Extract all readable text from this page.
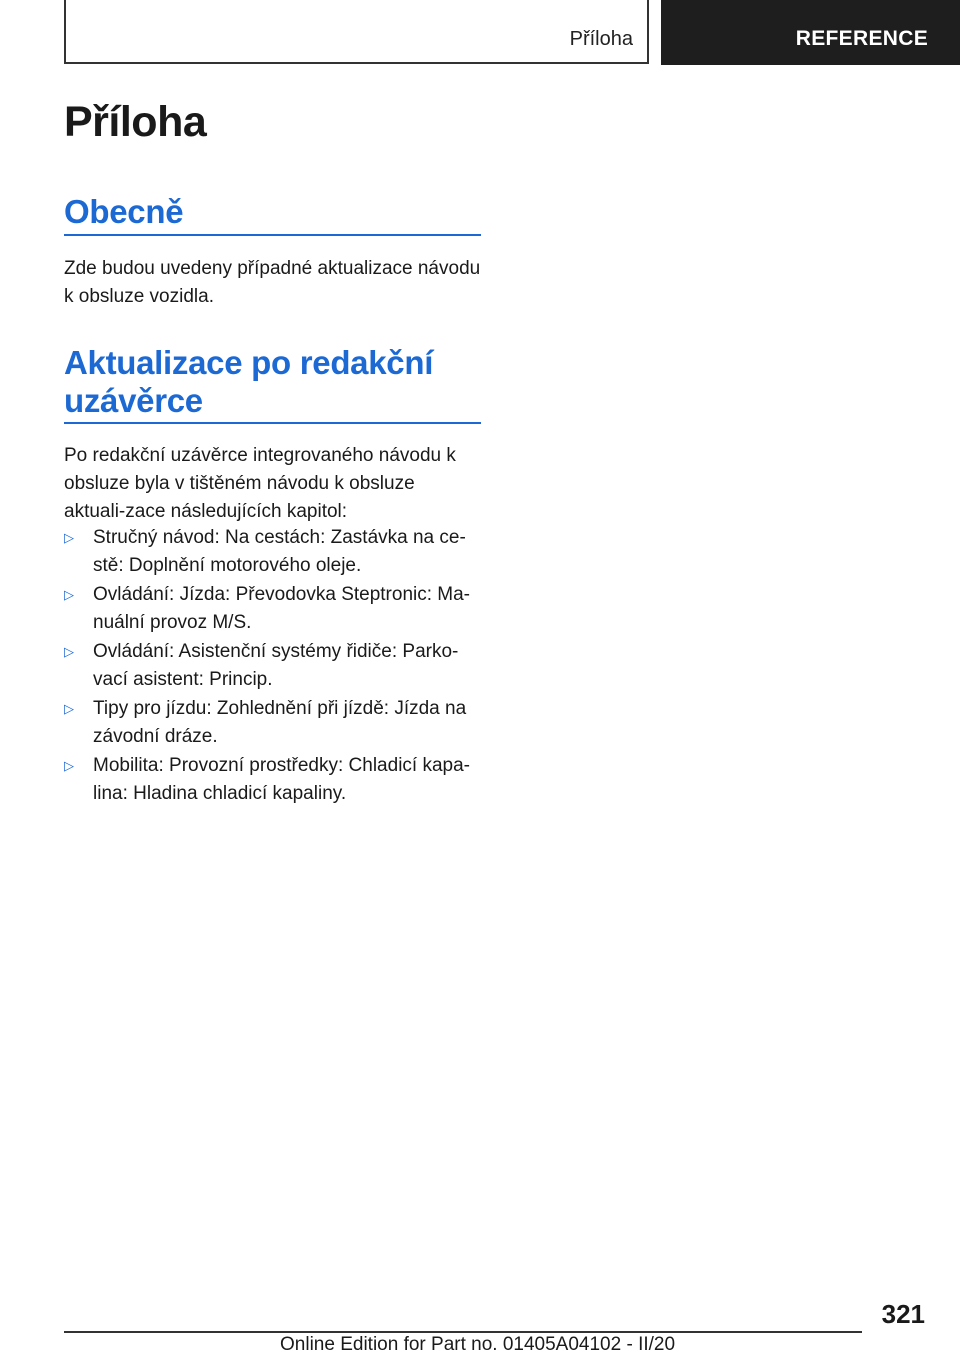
Příloha	REFERENCE
Příloha
Obecně

Zde budou uvedeny případné aktualizace návodu k obsluze vozidla.

Aktualizace po redakční uzávěrce

Po redakční uzávěrce integrovaného návodu k obsluze byla v tištěném návodu k obsluze aktuali-zace následujících kapitol:

▷ Stručný návod: Na cestách: Zastávka na ce-stě: Doplnění motorového oleje.
▷ Ovládání: Jízda: Převodovka Steptronic: Ma-nuální provoz M/S.
▷ Ovládání: Asistenční systémy řidiče: Parko-vací asistent: Princip.
▷ Tipy pro jízdu: Zohlednění při jízdě: Jízda na závodní dráze.
▷ Mobilita: Provozní prostředky: Chladicí kapa-lina: Hladina chladicí kapaliny.
321
Online Edition for Part no. 01405A04102 - II/20
